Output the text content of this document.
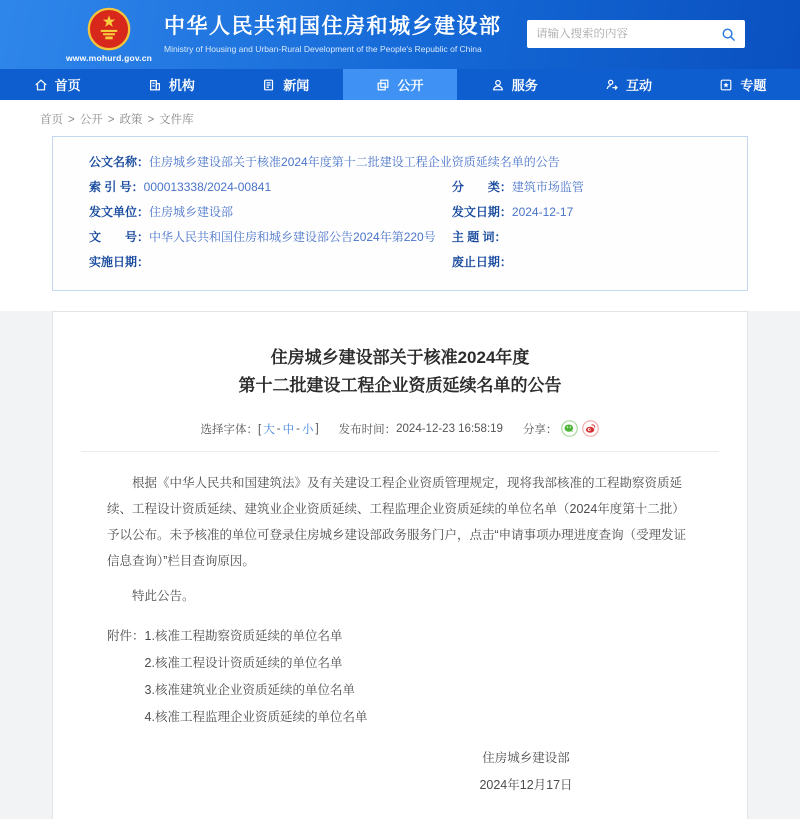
www.mohurd.gov.cn
中华人民共和国住房和城乡建设部
Ministry of Housing and Urban-Rural Development of the People's Republic of China
请输入搜索的内容
首页	机构	新闻	公开	服务	互动	专题
首页 > 公开 > 政策 > 文件库
公文名称： 住房城乡建设部关于核准2024年度第十二批建设工程企业资质延续名单的公告
索 引 号： 000013338/2024-00841
发文单位： 住房城乡建设部
文　　号： 中华人民共和国住房和城乡建设部公告2024年第220号
实施日期：
分　　类： 建筑市场监管
发文日期： 2024-12-17
主 题 词：
废止日期：
住房城乡建设部关于核准2024年度
第十二批建设工程企业资质延续名单的公告
选择字体：[ 大 - 中 - 小 ] 发布时间： 2024-12-23 16:58:19 分享：

根据《中华人民共和国建筑法》及有关建设工程企业资质管理规定，现将我部核准的工程勘察资质延续、工程设计资质延续、建筑业企业资质延续、工程监理企业资质延续的单位名单（2024年度第十二批）予以公布。未予核准的单位可登录住房城乡建设部政务服务门户，点击“申请事项办理进度查询（受理发证信息查询）”栏目查询原因。

特此公告。

附件： 1.核准工程勘察资质延续的单位名单
2.核准工程设计资质延续的单位名单
3.核准建筑业企业资质延续的单位名单
4.核准工程监理企业资质延续的单位名单
住房城乡建设部
2024年12月17日
